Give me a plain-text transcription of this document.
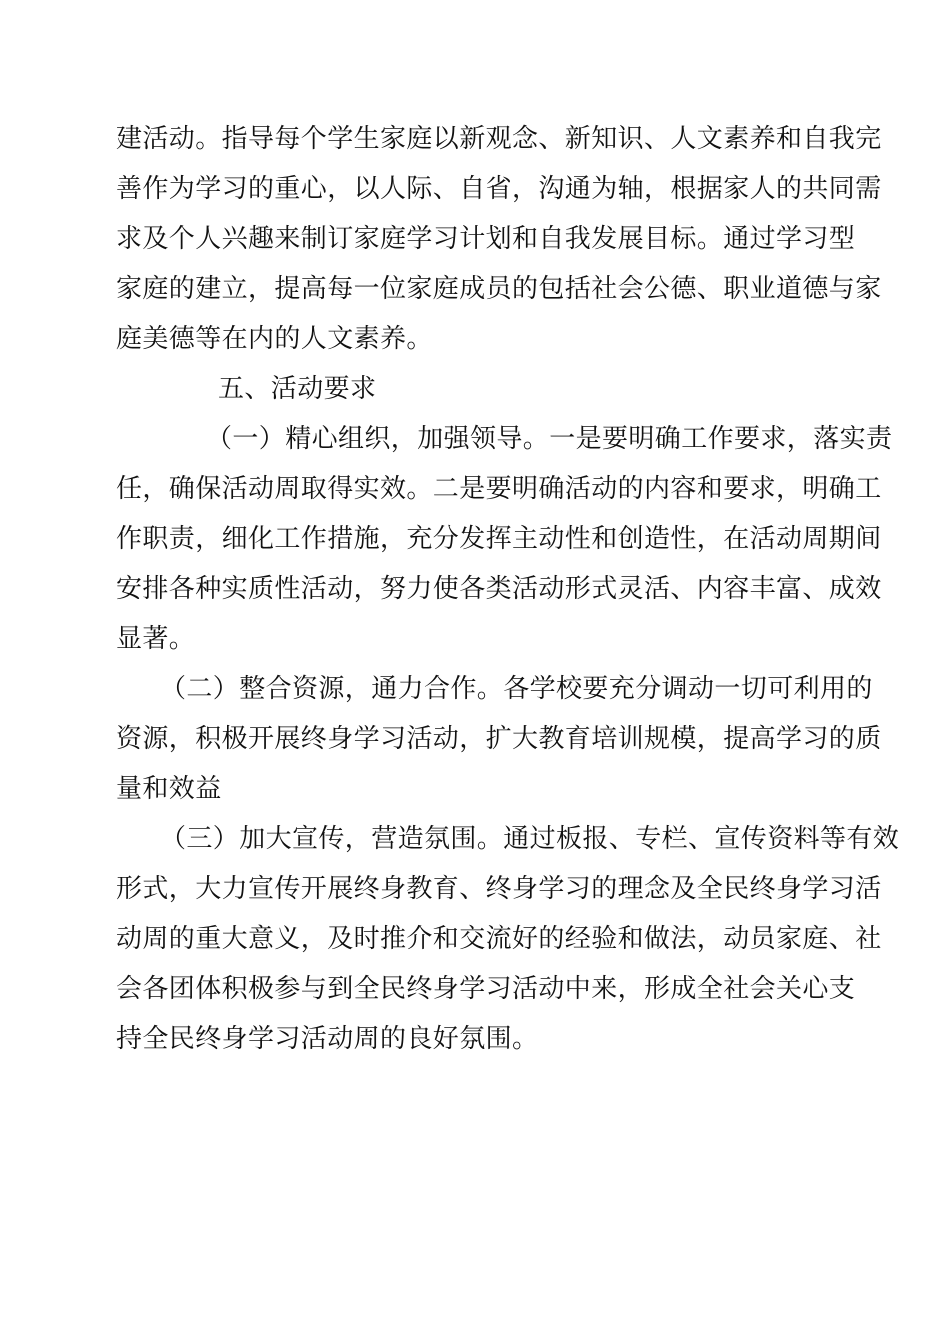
建活动。指导每个学生家庭以新观念、新知识、人文素养和自我完
善作为学习的重心，以人际、自省，沟通为轴，根据家人的共同需
求及个人兴趣来制订家庭学习计划和自我发展目标。通过学习型
家庭的建立，提高每一位家庭成员的包括社会公德、职业道德与家
庭美德等在内的人文素养。
五、活动要求
（一）精心组织，加强领导。一是要明确工作要求，落实责
任，确保活动周取得实效。二是要明确活动的内容和要求，明确工
作职责，细化工作措施，充分发挥主动性和创造性，在活动周期间
安排各种实质性活动，努力使各类活动形式灵活、内容丰富、成效
显著。
（二）整合资源，通力合作。各学校要充分调动一切可利用的
资源，积极开展终身学习活动，扩大教育培训规模，提高学习的质
量和效益
（三）加大宣传，营造氛围。通过板报、专栏、宣传资料等有效
形式，大力宣传开展终身教育、终身学习的理念及全民终身学习活
动周的重大意义，及时推介和交流好的经验和做法，动员家庭、社
会各团体积极参与到全民终身学习活动中来，形成全社会关心支
持全民终身学习活动周的良好氛围。
